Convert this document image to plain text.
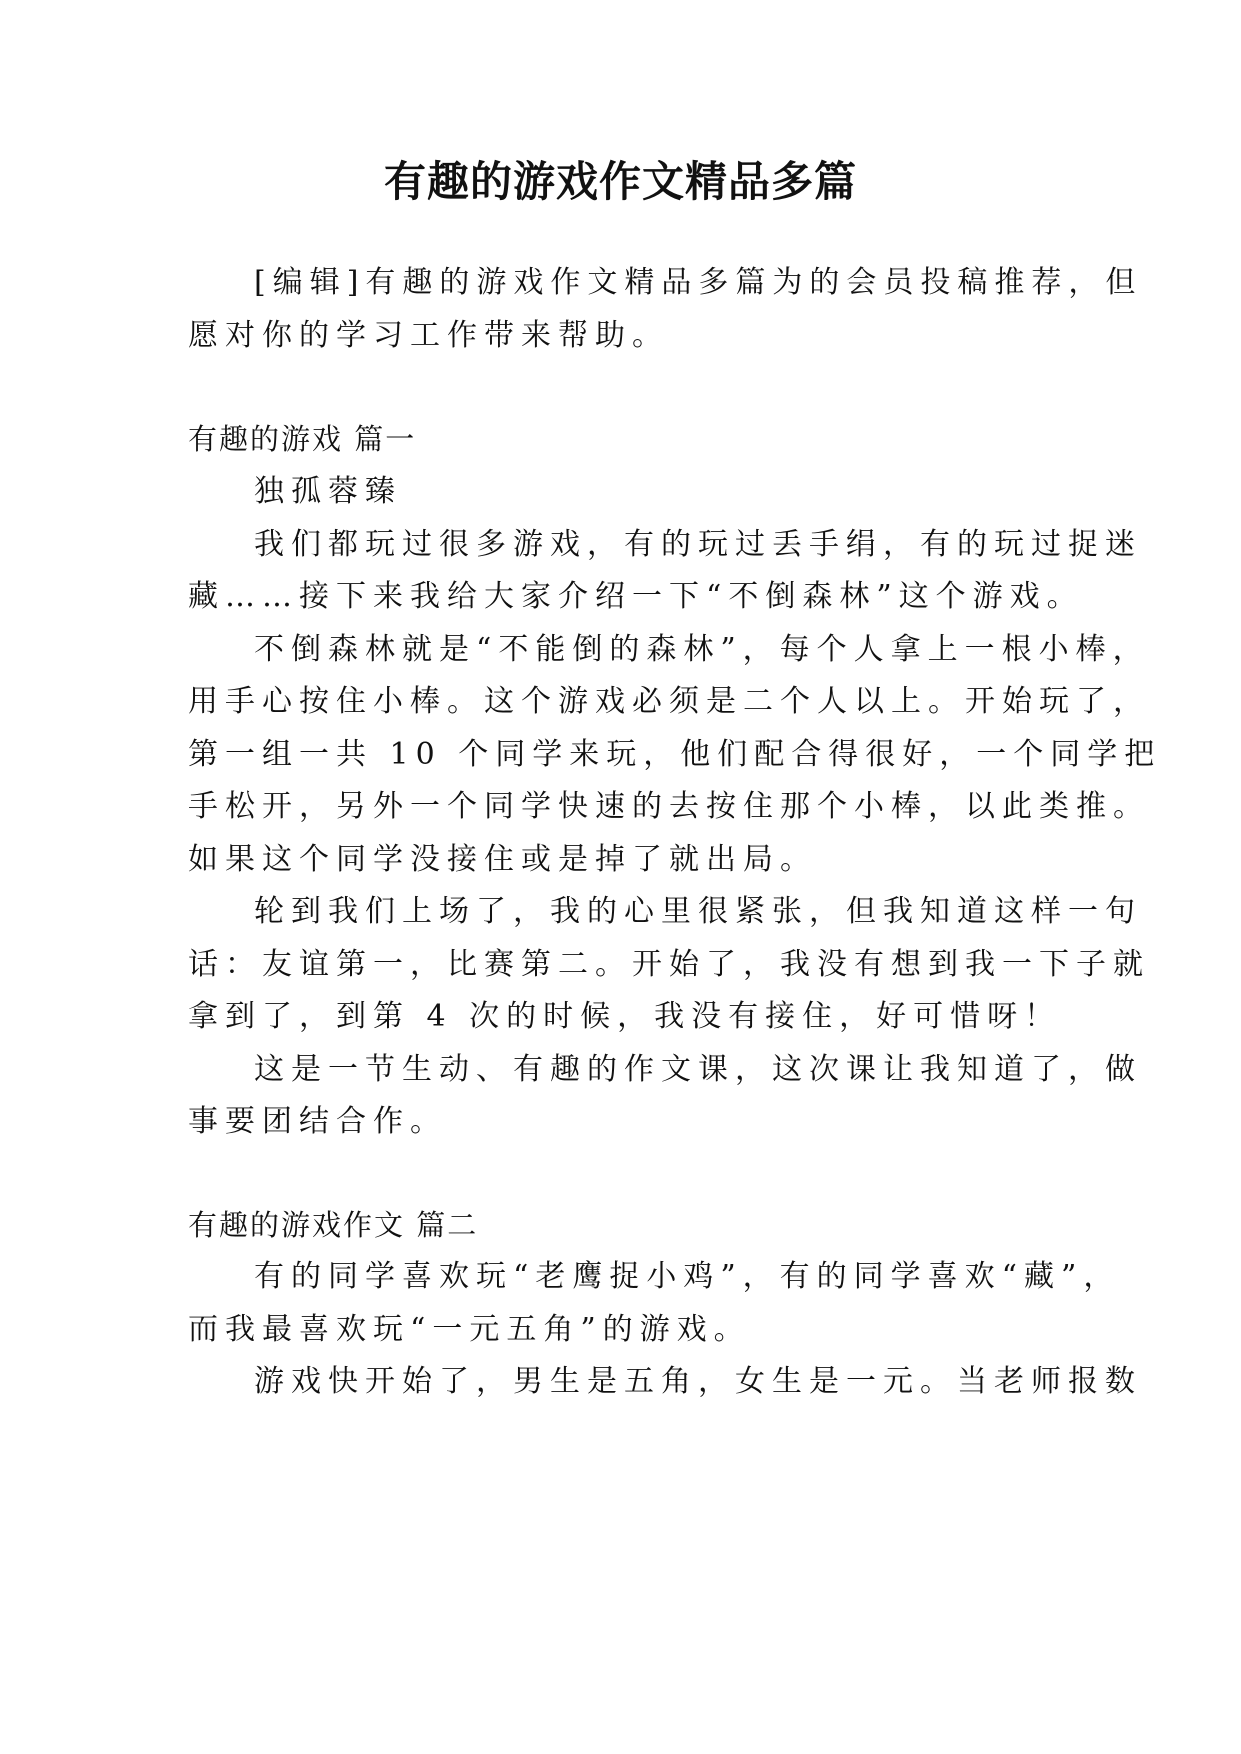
有趣的游戏作文精品多篇

[编辑]有趣的游戏作文精品多篇为的会员投稿推荐，但

愿对你的学习工作带来帮助。

有趣的游戏 篇一

独孤蓉臻

我们都玩过很多游戏，有的玩过丢手绢，有的玩过捉迷

藏……接下来我给大家介绍一下“不倒森林”这个游戏。

不倒森林就是“不能倒的森林”，每个人拿上一根小棒，

用手心按住小棒。这个游戏必须是二个人以上。开始玩了，

第一组一共 10 个同学来玩，他们配合得很好，一个同学把

手松开，另外一个同学快速的去按住那个小棒，以此类推。

如果这个同学没接住或是掉了就出局。

轮到我们上场了，我的心里很紧张，但我知道这样一句

话：友谊第一，比赛第二。开始了，我没有想到我一下子就

拿到了，到第 4 次的时候，我没有接住，好可惜呀！

这是一节生动、有趣的作文课，这次课让我知道了，做

事要团结合作。

有趣的游戏作文 篇二

有的同学喜欢玩“老鹰捉小鸡”，有的同学喜欢“藏”，

而我最喜欢玩“一元五角”的游戏。

游戏快开始了，男生是五角，女生是一元。当老师报数
